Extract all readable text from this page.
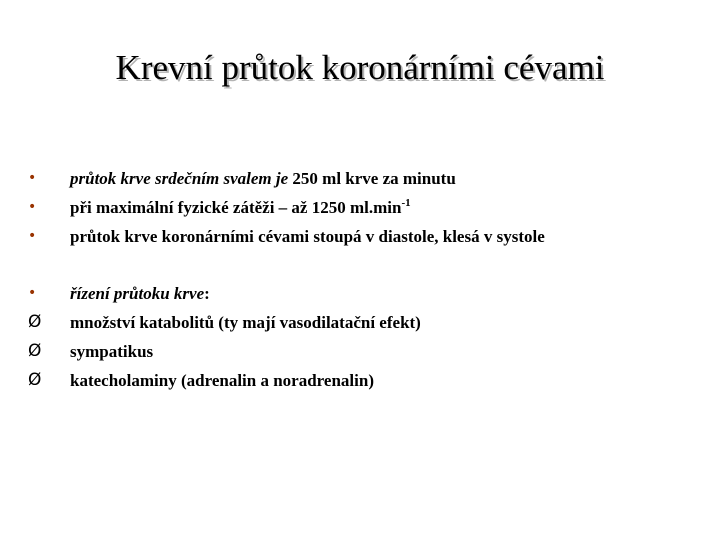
Krevní průtok koronárními cévami
•	průtok krve srdečním svalem je 250 ml krve za minutu
•	při maximální fyzické zátěži – až 1250 $ml.\min^{-1}$
•	průtok krve koronárními cévami stoupá v diastole, klesá v systole
•	řízení průtoku krve:
Ø	množství katabolitů (ty mají vasodilatační efekt)
Ø	sympatikus
Ø	katecholaminy (adrenalin a noradrenalin)
